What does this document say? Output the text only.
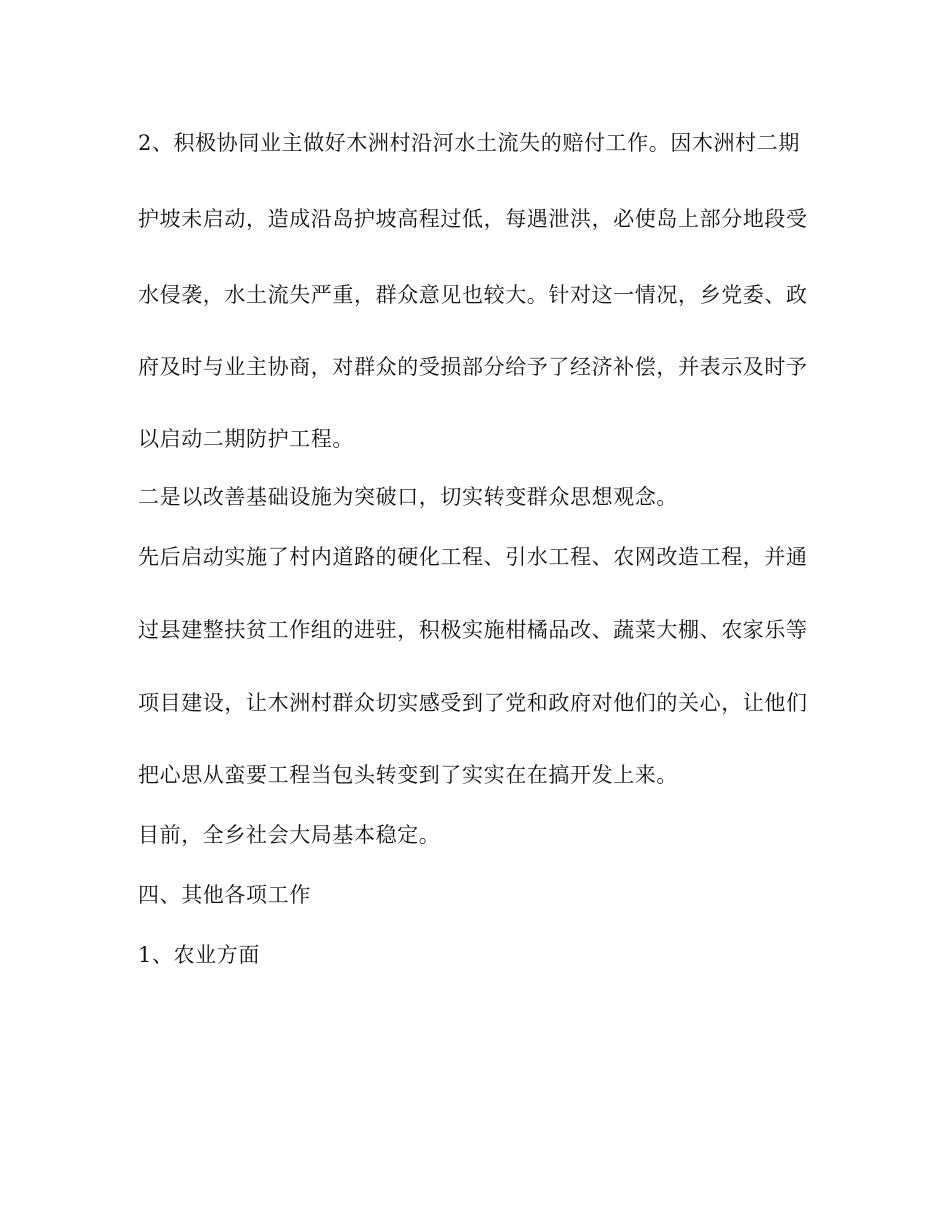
2、积极协同业主做好木洲村沿河水土流失的赔付工作。因木洲村二期
护坡未启动，造成沿岛护坡高程过低，每遇泄洪，必使岛上部分地段受
水侵袭，水土流失严重，群众意见也较大。针对这一情况，乡党委、政
府及时与业主协商，对群众的受损部分给予了经济补偿，并表示及时予
以启动二期防护工程。
二是以改善基础设施为突破口，切实转变群众思想观念。
先后启动实施了村内道路的硬化工程、引水工程、农网改造工程，并通
过县建整扶贫工作组的进驻，积极实施柑橘品改、蔬菜大棚、农家乐等
项目建设，让木洲村群众切实感受到了党和政府对他们的关心，让他们
把心思从蛮要工程当包头转变到了实实在在搞开发上来。
目前，全乡社会大局基本稳定。
四、其他各项工作
1、农业方面
